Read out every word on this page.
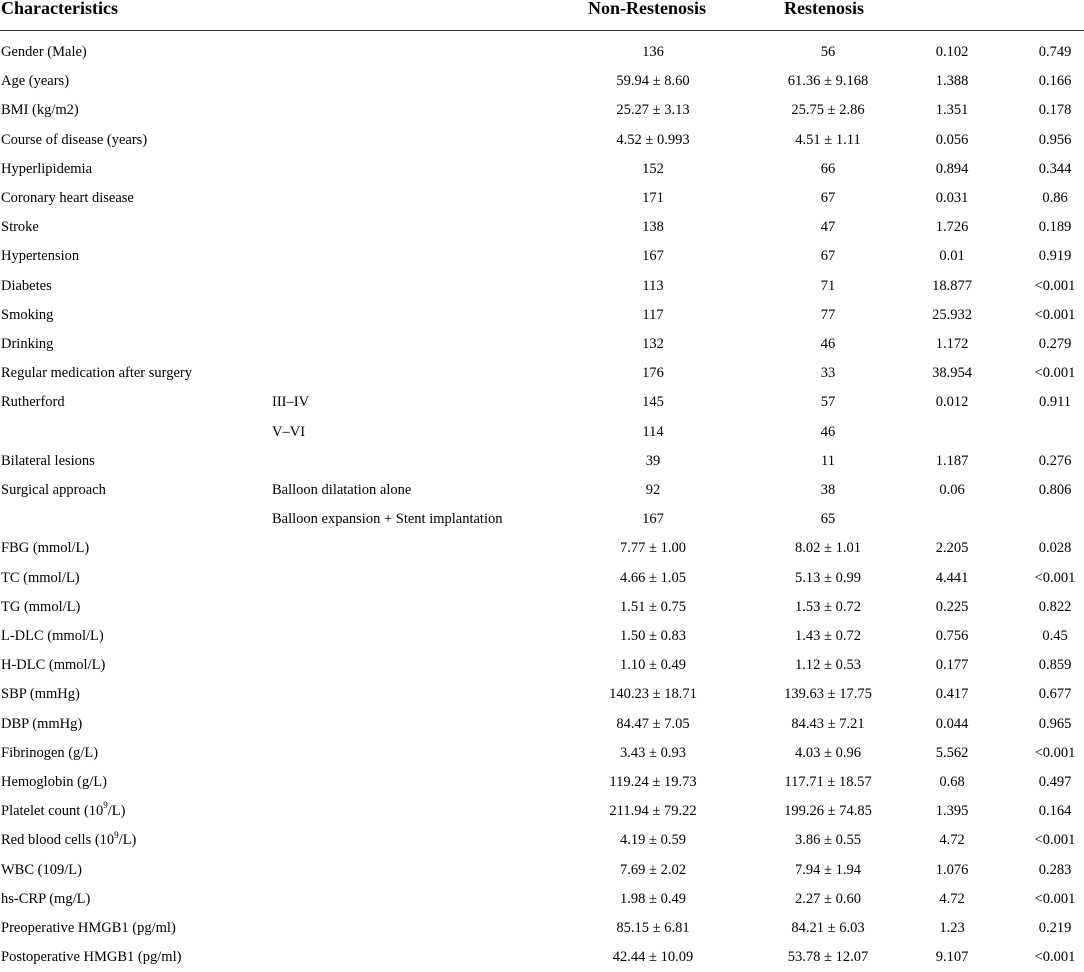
Characteristics	Non-Restenosis	Restenosis
Gender (Male)	136	56	0.102	0.749
Age (years)	59.94 ± 8.60	61.36 ± 9.168	1.388	0.166
BMI (kg/m2)	25.27 ± 3.13	25.75 ± 2.86	1.351	0.178
Course of disease (years)	4.52 ± 0.993	4.51 ± 1.11	0.056	0.956
Hyperlipidemia	152	66	0.894	0.344
Coronary heart disease	171	67	0.031	0.86
Stroke	138	47	1.726	0.189
Hypertension	167	67	0.01	0.919
Diabetes	113	71	18.877	<0.001
Smoking	117	77	25.932	<0.001
Drinking	132	46	1.172	0.279
Regular medication after surgery	176	33	38.954	<0.001
Rutherford	III–IV	145	57	0.012	0.911
V–VI	114	46
Bilateral lesions	39	11	1.187	0.276
Surgical approach	Balloon dilatation alone	92	38	0.06	0.806
Balloon expansion + Stent implantation	167	65
FBG (mmol/L)	7.77 ± 1.00	8.02 ± 1.01	2.205	0.028
TC (mmol/L)	4.66 ± 1.05	5.13 ± 0.99	4.441	<0.001
TG (mmol/L)	1.51 ± 0.75	1.53 ± 0.72	0.225	0.822
L-DLC (mmol/L)	1.50 ± 0.83	1.43 ± 0.72	0.756	0.45
H-DLC (mmol/L)	1.10 ± 0.49	1.12 ± 0.53	0.177	0.859
SBP (mmHg)	140.23 ± 18.71	139.63 ± 17.75	0.417	0.677
DBP (mmHg)	84.47 ± 7.05	84.43 ± 7.21	0.044	0.965
Fibrinogen (g/L)	3.43 ± 0.93	4.03 ± 0.96	5.562	<0.001
Hemoglobin (g/L)	119.24 ± 19.73	117.71 ± 18.57	0.68	0.497
Platelet count $(10^9/L)$	211.94 ± 79.22	199.26 ± 74.85	1.395	0.164
Red blood cells $(10^9/L)$	4.19 ± 0.59	3.86 ± 0.55	4.72	<0.001
WBC (109/L)	7.69 ± 2.02	7.94 ± 1.94	1.076	0.283
hs-CRP (mg/L)	1.98 ± 0.49	2.27 ± 0.60	4.72	<0.001
Preoperative HMGB1 (pg/ml)	85.15 ± 6.81	84.21 ± 6.03	1.23	0.219
Postoperative HMGB1 (pg/ml)	42.44 ± 10.09	53.78 ± 12.07	9.107	<0.001
